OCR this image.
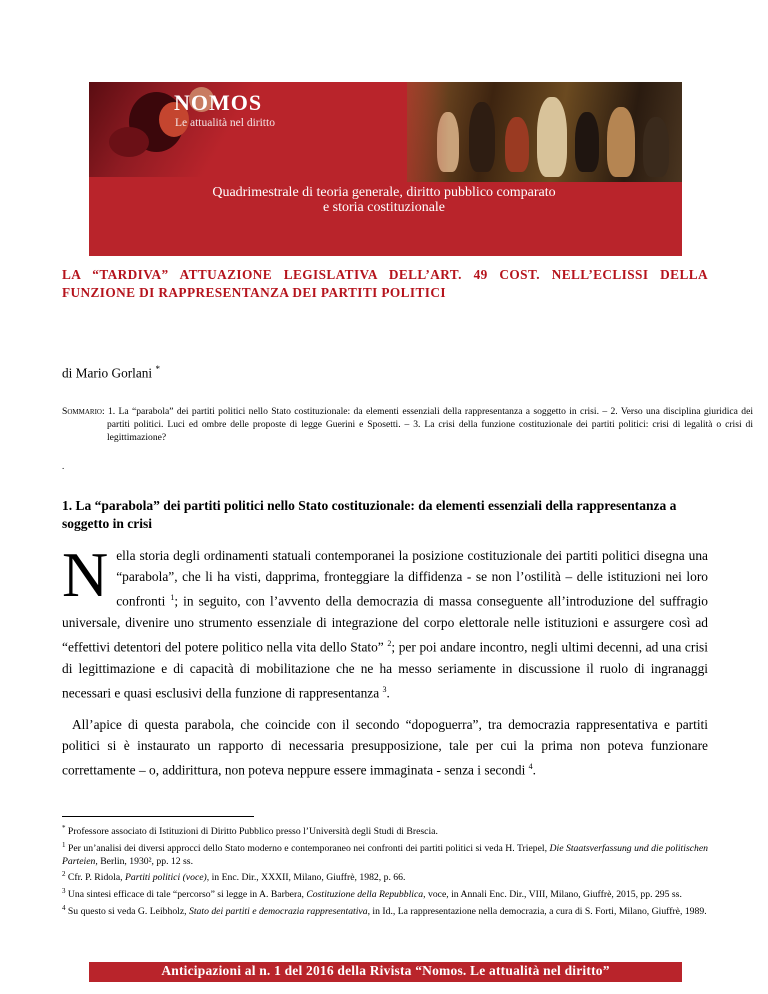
NOMOS

Le attualità nel diritto

Quadrimestrale di teoria generale, diritto pubblico comparato

e storia costituzionale

LA “TARDIVA” ATTUAZIONE LEGISLATIVA DELL’ART. 49 COST. NELL’ECLISSI DELLA FUNZIONE DI RAPPRESENTANZA DEI PARTITI POLITICI

di Mario Gorlani *

Sommario: 1. La “parabola” dei partiti politici nello Stato costituzionale: da elementi essenziali della rappresentanza a soggetto in crisi. – 2. Verso una disciplina giuridica dei partiti politici. Luci ed ombre delle proposte di legge Guerini e Sposetti. – 3. La crisi della funzione costituzionale dei partiti politici: crisi di legalità o crisi di legittimazione?

.

1. La “parabola” dei partiti politici nello Stato costituzionale: da elementi essenziali della rappresentanza a soggetto in crisi

Nella storia degli ordinamenti statuali contemporanei la posizione costituzionale dei partiti politici disegna una “parabola”, che li ha visti, dapprima, fronteggiare la diffidenza - se non l’ostilità – delle istituzioni nei loro confronti $^1$; in seguito, con l’avvento della democrazia di massa conseguente all’introduzione del suffragio universale, divenire uno strumento essenziale di integrazione del corpo elettorale nelle istituzioni e assurgere così ad “effettivi detentori del potere politico nella vita dello Stato” $^2$; per poi andare incontro, negli ultimi decenni, ad una crisi di legittimazione e di capacità di mobilitazione che ne ha messo seriamente in discussione il ruolo di ingranaggi necessari e quasi esclusivi della funzione di rappresentanza $^3$.

All’apice di questa parabola, che coincide con il secondo “dopoguerra”, tra democrazia rappresentativa e partiti politici si è instaurato un rapporto di necessaria presupposizione, tale per cui la prima non poteva funzionare correttamente – o, addirittura, non poteva neppure essere immaginata - senza i secondi $^4$.

* Professore associato di Istituzioni di Diritto Pubblico presso l’Università degli Studi di Brescia.

$^1$ Per un’analisi dei diversi approcci dello Stato moderno e contemporaneo nei confronti dei partiti politici si veda H. Triepel, Die Staatsverfassung und die politischen Parteien, Berlin, 1930², pp. 12 ss.

$^2$ Cfr. P. Ridola, Partiti politici (voce), in Enc. Dir., XXXII, Milano, Giuffrè, 1982, p. 66.

$^3$ Una sintesi efficace di tale “percorso” si legge in A. Barbera, Costituzione della Repubblica, voce, in Annali Enc. Dir., VIII, Milano, Giuffrè, 2015, pp. 295 ss.

$^4$ Su questo si veda G. Leibholz, Stato dei partiti e democrazia rappresentativa, in Id., La rappresentazione nella democrazia, a cura di S. Forti, Milano, Giuffrè, 1989.

Anticipazioni al n. 1 del 2016 della Rivista “Nomos. Le attualità nel diritto”
